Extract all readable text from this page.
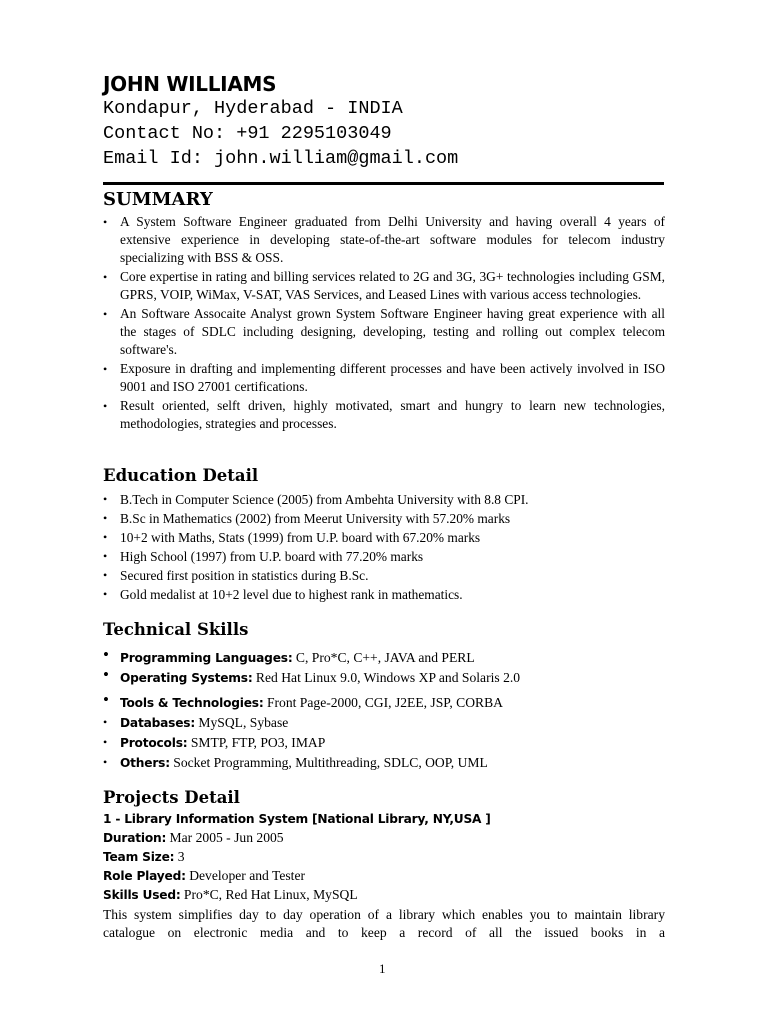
JOHN WILLIAMS
Kondapur, Hyderabad - INDIA
Contact No: +91 2295103049
Email Id: john.william@gmail.com
SUMMARY
• A System Software Engineer graduated from Delhi University and having overall 4 years of extensive experience in developing state-of-the-art software modules for telecom industry specializing with BSS & OSS.
• Core expertise in rating and billing services related to 2G and 3G, 3G+ technologies including GSM, GPRS, VOIP, WiMax, V-SAT, VAS Services, and Leased Lines with various access technologies.
• An Software Assocaite Analyst grown System Software Engineer having great experience with all the stages of SDLC including designing, developing, testing and rolling out complex telecom software's.
• Exposure in drafting and implementing different processes and have been actively involved in ISO 9001 and ISO 27001 certifications.
• Result oriented, selft driven, highly motivated, smart and hungry to learn new technologies, methodologies, strategies and processes.
Education Detail
• B.Tech in Computer Science (2005) from Ambehta University with 8.8 CPI.
• B.Sc in Mathematics (2002) from Meerut University with 57.20% marks
• 10+2 with Maths, Stats (1999) from U.P. board with 67.20% marks
• High School (1997) from U.P. board with 77.20% marks
• Secured first position in statistics during B.Sc.
• Gold medalist at 10+2 level due to highest rank in mathematics.
Technical Skills
• Programming Languages: C, Pro*C, C++, JAVA and PERL
• Operating Systems: Red Hat Linux 9.0, Windows XP and Solaris 2.0
• Tools & Technologies: Front Page-2000, CGI, J2EE, JSP, CORBA
• Databases: MySQL, Sybase
• Protocols: SMTP, FTP, PO3, IMAP
• Others: Socket Programming, Multithreading, SDLC, OOP, UML
Projects Detail
1 - Library Information System [National Library, NY,USA ]
Duration: Mar 2005 - Jun 2005
Team Size: 3
Role Played: Developer and Tester
Skills Used: Pro*C, Red Hat Linux, MySQL
This system simplifies day to day operation of a library which enables you to maintain library catalogue on electronic media and to keep a record of all the issued books in a
1
